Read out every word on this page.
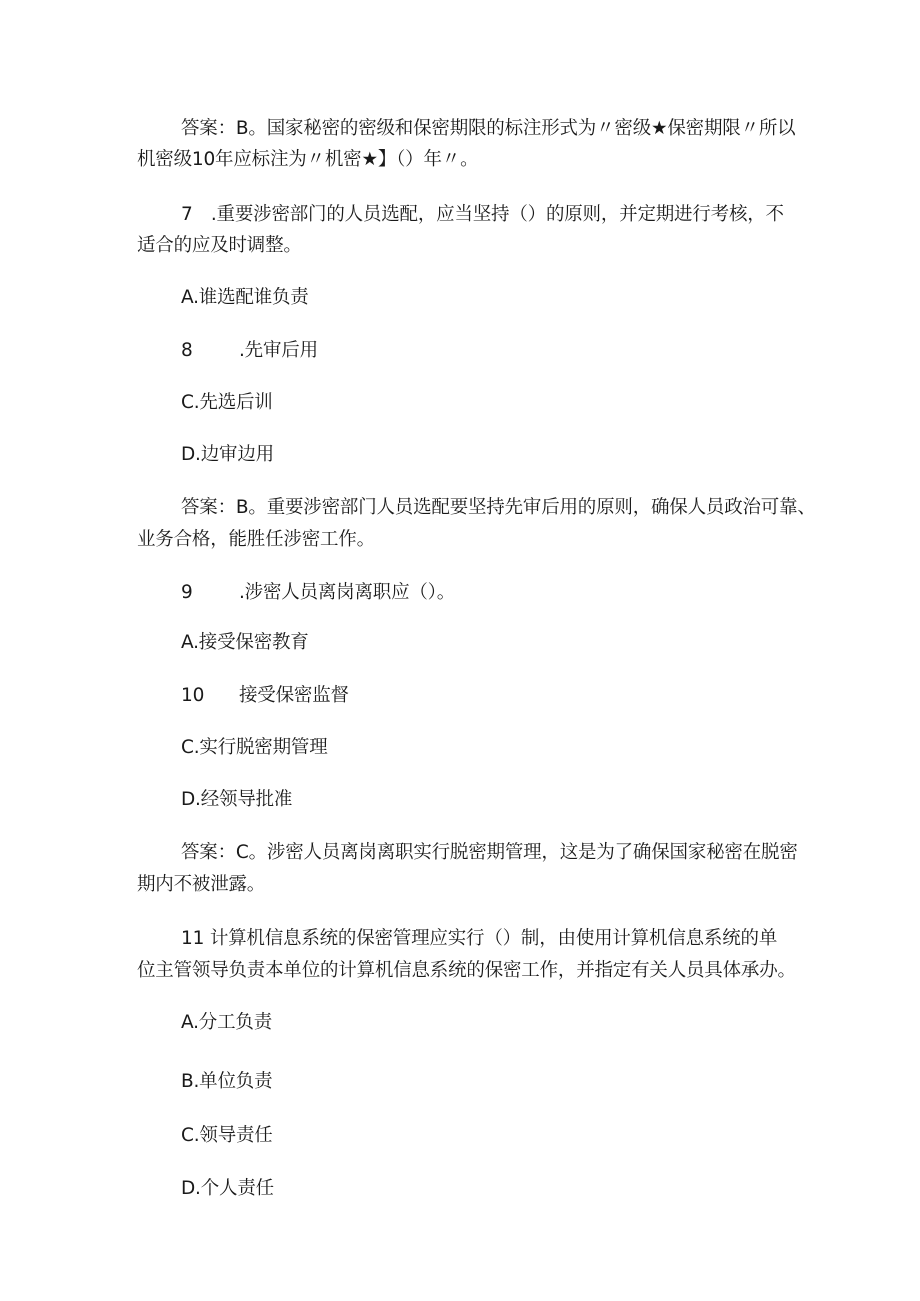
答案：B。国家秘密的密级和保密期限的标注形式为〃密级★保密期限〃所以
机密级10年应标注为〃机密★】（）年〃。
7　.重要涉密部门的人员选配，应当坚持（）的原则，并定期进行考核，不
适合的应及时调整。
A.谁选配谁负责
8	.先审后用
C.先选后训
D.边审边用
答案：B。重要涉密部门人员选配要坚持先审后用的原则，确保人员政治可靠、
业务合格，能胜任涉密工作。
9	.涉密人员离岗离职应（）。
A.接受保密教育
10 接受保密监督
C.实行脱密期管理
D.经领导批准
答案：C。涉密人员离岗离职实行脱密期管理，这是为了确保国家秘密在脱密
期内不被泄露。
11 计算机信息系统的保密管理应实行（）制，由使用计算机信息系统的单
位主管领导负责本单位的计算机信息系统的保密工作，并指定有关人员具体承办。
A.分工负责
B.单位负责
C.领导责任
D.个人责任
